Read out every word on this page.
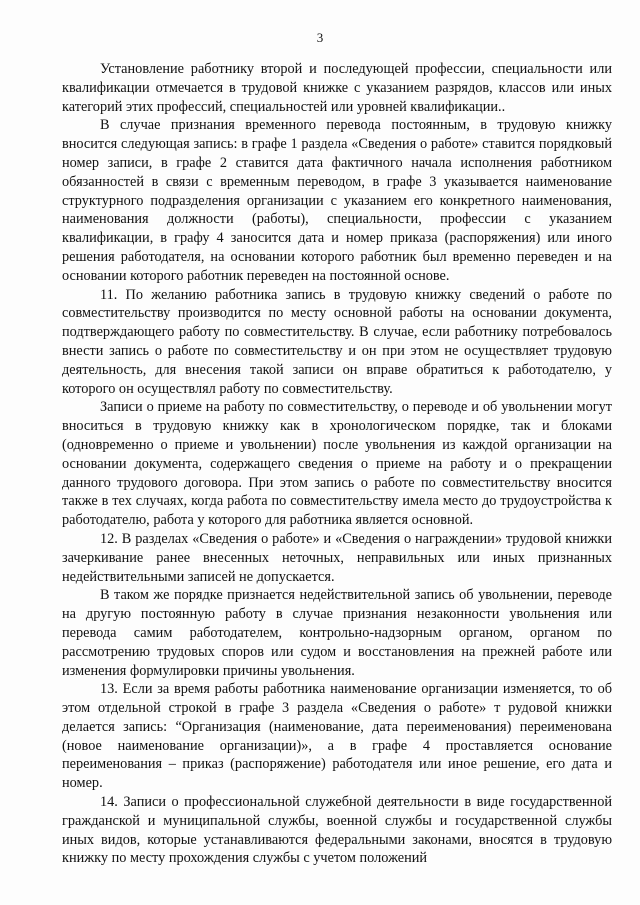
3

Установление работнику второй и последующей профессии, специальности или квалификации отмечается в трудовой книжке с указанием разрядов, классов или иных категорий этих профессий, специальностей или уровней квалификации..

В случае признания временного перевода постоянным, в трудовую книжку вносится следующая запись: в графе 1 раздела «Сведения о работе» ставится порядковый номер записи, в графе 2 ставится дата фактичного начала исполнения работником обязанностей в связи с временным переводом, в графе 3 указывается наименование структурного подразделения организации с указанием его конкретного наименования, наименования должности (работы), специальности, профессии с указанием квалификации, в графу 4 заносится дата и номер приказа (распоряжения) или иного решения работодателя, на основании которого работник был временно переведен и на основании которого работник переведен на постоянной основе.

11. По желанию работника запись в трудовую книжку сведений о работе по совместительству производится по месту основной работы на основании документа, подтверждающего работу по совместительству. В случае, если работнику потребовалось внести запись о работе по совместительству и он при этом не осуществляет трудовую деятельность, для внесения такой записи он вправе обратиться к работодателю, у которого он осуществлял работу по совместительству.

Записи о приеме на работу по совместительству, о переводе и об увольнении могут вноситься в трудовую книжку как в хронологическом порядке, так и блоками (одновременно о приеме и увольнении) после увольнения из каждой организации на основании документа, содержащего сведения о приеме на работу и о прекращении данного трудового договора. При этом запись о работе по совместительству вносится также в тех случаях, когда работа по совместительству имела место до трудоустройства к работодателю, работа у которого для работника является основной.

12. В разделах «Сведения о работе» и «Сведения о награждении» трудовой книжки зачеркивание ранее внесенных неточных, неправильных или иных признанных недействительными записей не допускается.

В таком же порядке признается недействительной запись об увольнении, переводе на другую постоянную работу в случае признания незаконности увольнения или перевода самим работодателем, контрольно-надзорным органом, органом по рассмотрению трудовых споров или судом и восстановления на прежней работе или изменения формулировки причины увольнения.

13. Если за время работы работника наименование организации изменяется, то об этом отдельной строкой в графе 3 раздела «Сведения о работе» т рудовой книжки делается запись: “Организация (наименование, дата переименования) переименована (новое наименование организации)», а в графе 4 проставляется основание переименования – приказ (распоряжение) работодателя или иное решение, его дата и номер.

14. Записи о профессиональной служебной деятельности в виде государственной гражданской и муниципальной службы, военной службы и государственной службы иных видов, которые устанавливаются федеральными законами, вносятся в трудовую книжку по месту прохождения службы с учетом положений
